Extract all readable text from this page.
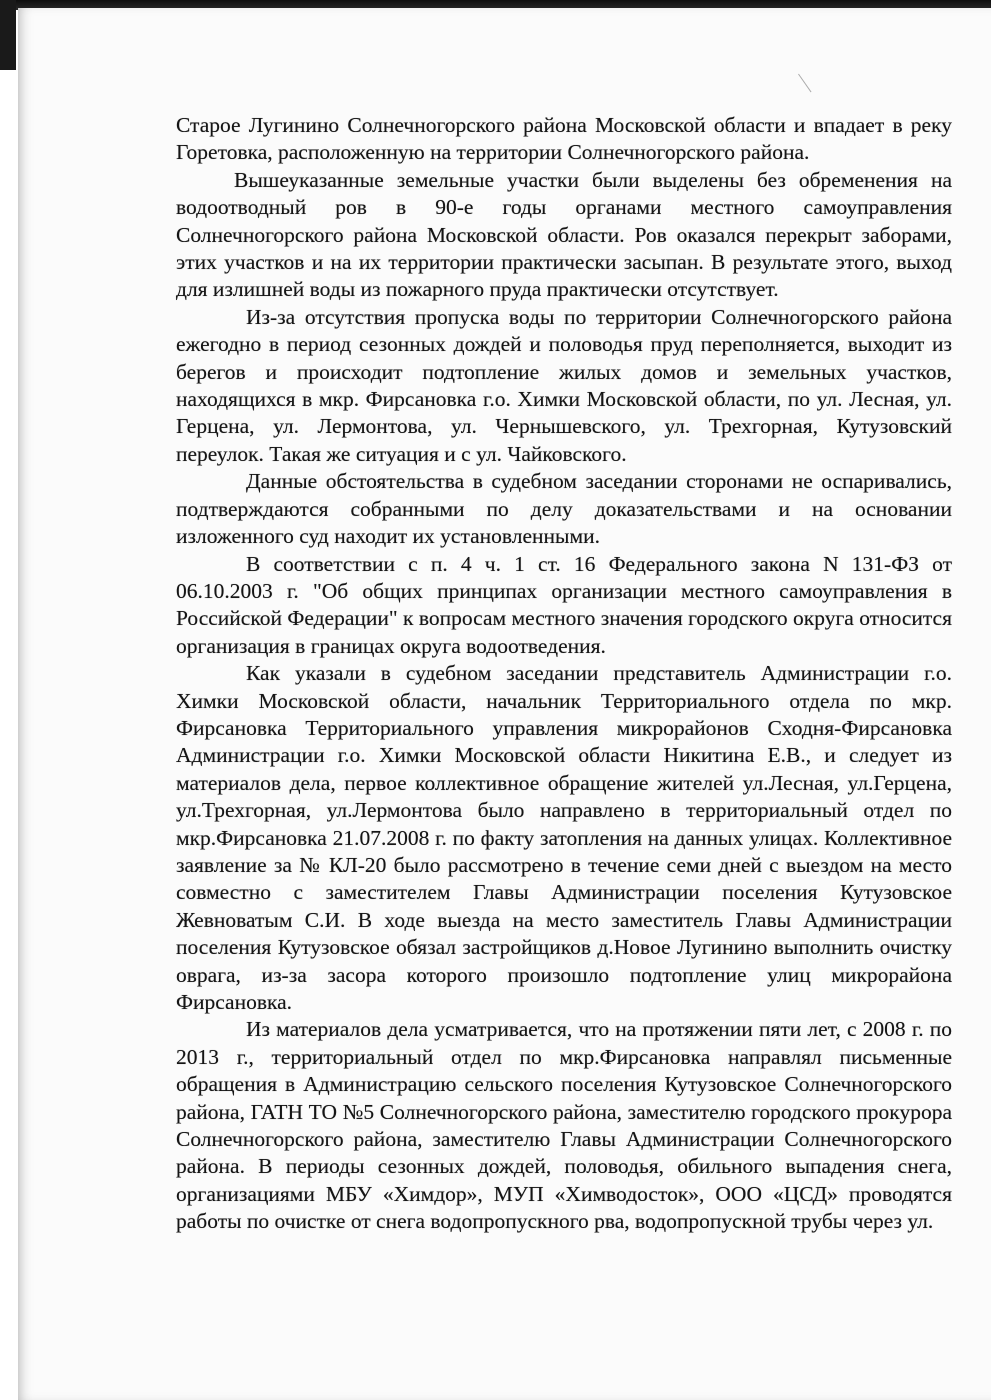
Старое Лугинино Солнечногорского района Московской области и впадает в реку Горетовка, расположенную на территории Солнечногорского района.

Вышеуказанные земельные участки были выделены без обременения на водоотводный ров в 90-е годы органами местного самоуправления Солнечногорского района Московской области. Ров оказался перекрыт заборами, этих участков и на их территории практически засыпан. В результате этого, выход для излишней воды из пожарного пруда практически отсутствует.

Из-за отсутствия пропуска воды по территории Солнечногорского района ежегодно в период сезонных дождей и половодья пруд переполняется, выходит из берегов и происходит подтопление жилых домов и земельных участков, находящихся в мкр. Фирсановка г.о. Химки Московской области, по ул. Лесная, ул. Герцена, ул. Лермонтова, ул. Чернышевского, ул. Трехгорная, Кутузовский переулок. Такая же ситуация и с ул. Чайковского.

Данные обстоятельства в судебном заседании сторонами не оспаривались, подтверждаются собранными по делу доказательствами и на основании изложенного суд находит их установленными.

В соответствии с п. 4 ч. 1 ст. 16 Федерального закона N 131-ФЗ от 06.10.2003 г. "Об общих принципах организации местного самоуправления в Российской Федерации" к вопросам местного значения городского округа относится организация в границах округа водоотведения.

Как указали в судебном заседании представитель Администрации г.о. Химки Московской области, начальник Территориального отдела по мкр. Фирсановка Территориального управления микрорайонов Сходня-Фирсановка Администрации г.о. Химки Московской области Никитина Е.В., и следует из материалов дела, первое коллективное обращение жителей ул.Лесная, ул.Герцена, ул.Трехгорная, ул.Лермонтова было направлено в территориальный отдел по мкр.Фирсановка 21.07.2008 г. по факту затопления на данных улицах. Коллективное заявление за № КЛ-20 было рассмотрено в течение семи дней с выездом на место совместно с заместителем Главы Администрации поселения Кутузовское Жевноватым С.И. В ходе выезда на место заместитель Главы Администрации поселения Кутузовское обязал застройщиков д.Новое Лугинино выполнить очистку оврага, из-за засора которого произошло подтопление улиц микрорайона Фирсановка.

Из материалов дела усматривается, что на протяжении пяти лет, с 2008 г. по 2013 г., территориальный отдел по мкр.Фирсановка направлял письменные обращения в Администрацию сельского поселения Кутузовское Солнечногорского района, ГАТН ТО №5 Солнечногорского района, заместителю городского прокурора Солнечногорского района, заместителю Главы Администрации Солнечногорского района. В периоды сезонных дождей, половодья, обильного выпадения снега, организациями МБУ «Химдор», МУП «Химводосток», ООО «ЦСД» проводятся работы по очистке от снега водопропускного рва, водопропускной трубы через ул.
